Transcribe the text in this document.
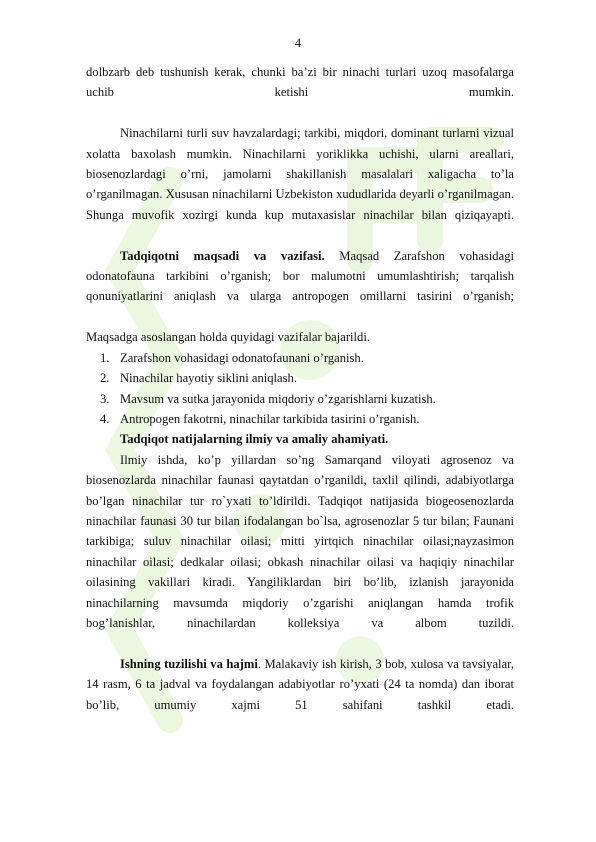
4

dolbzarb deb tushunish kerak, chunki ba’zi bir ninachi turlari uzoq masofalarga uchib ketishi mumkin.

Ninachilarni turli suv havzalardagi; tarkibi, miqdori, dominant turlarni vizual xolatta baxolash mumkin. Ninachilarni yoriklikka uchishi, ularni areallari, biosenozlardagi o’rni, jamolarni shakillanish masalalari xaligacha to’la o’rganilmagan. Xususan ninachilarni Uzbekiston xududlarida deyarli o’rganilmagan. Shunga muvofik xozirgi kunda kup mutaxasislar ninachilar bilan qiziqayapti.

Tadqiqotni maqsadi va vazifasi. Maqsad Zarafshon vohasidagi odonatofauna tarkibini o’rganish; bor malumotni umumlashtirish; tarqalish qonuniyatlarini aniqlash va ularga antropogen omillarni tasirini o’rganish;

Maqsadga asoslangan holda quyidagi vazifalar bajarildi.

1. Zarafshon vohasidagi odonatofaunani o’rganish.
2. Ninachilar hayotiy siklini aniqlash.
3. Mavsum va sutka jarayonida miqdoriy o’zgarishlarni kuzatish.
4. Antropogen fakotrni, ninachilar tarkibida tasirini o’rganish.

Tadqiqot natijalarning ilmiy va amaliy ahamiyati.

Ilmiy ishda, ko’p yillardan so’ng Samarqand viloyati agrosenoz va biosenozlarda ninachilar faunasi qaytatdan o’rganildi, taxlil qilindi, adabiyotlarga bo’lgan ninachilar tur ro`yxati to’ldirildi. Tadqiqot natijasida biogeosenozlarda ninachilar faunasi 30 tur bilan ifodalangan bo`lsa, agrosenozlar 5 tur bilan; Faunani tarkibiga; suluv ninachilar oilasi; mitti yirtqich ninachilar oilasi;nayzasimon ninachilar oilasi; dedkalar oilasi; obkash ninachilar oilasi va haqiqiy ninachilar oilasining vakillari kiradi. Yangiliklardan biri bo’lib, izlanish jarayonida ninachilarning mavsumda miqdoriy o’zgarishi aniqlangan hamda trofik bog’lanishlar, ninachilardan kolleksiya va albom tuzildi.

Ishning tuzilishi va hajmi. Malakaviy ish kirish, 3 bob, xulosa va tavsiyalar, 14 rasm, 6 ta jadval va foydalangan adabiyotlar ro’yxati (24 ta nomda) dan iborat bo’lib, umumiy xajmi 51 sahifani tashkil etadi.
